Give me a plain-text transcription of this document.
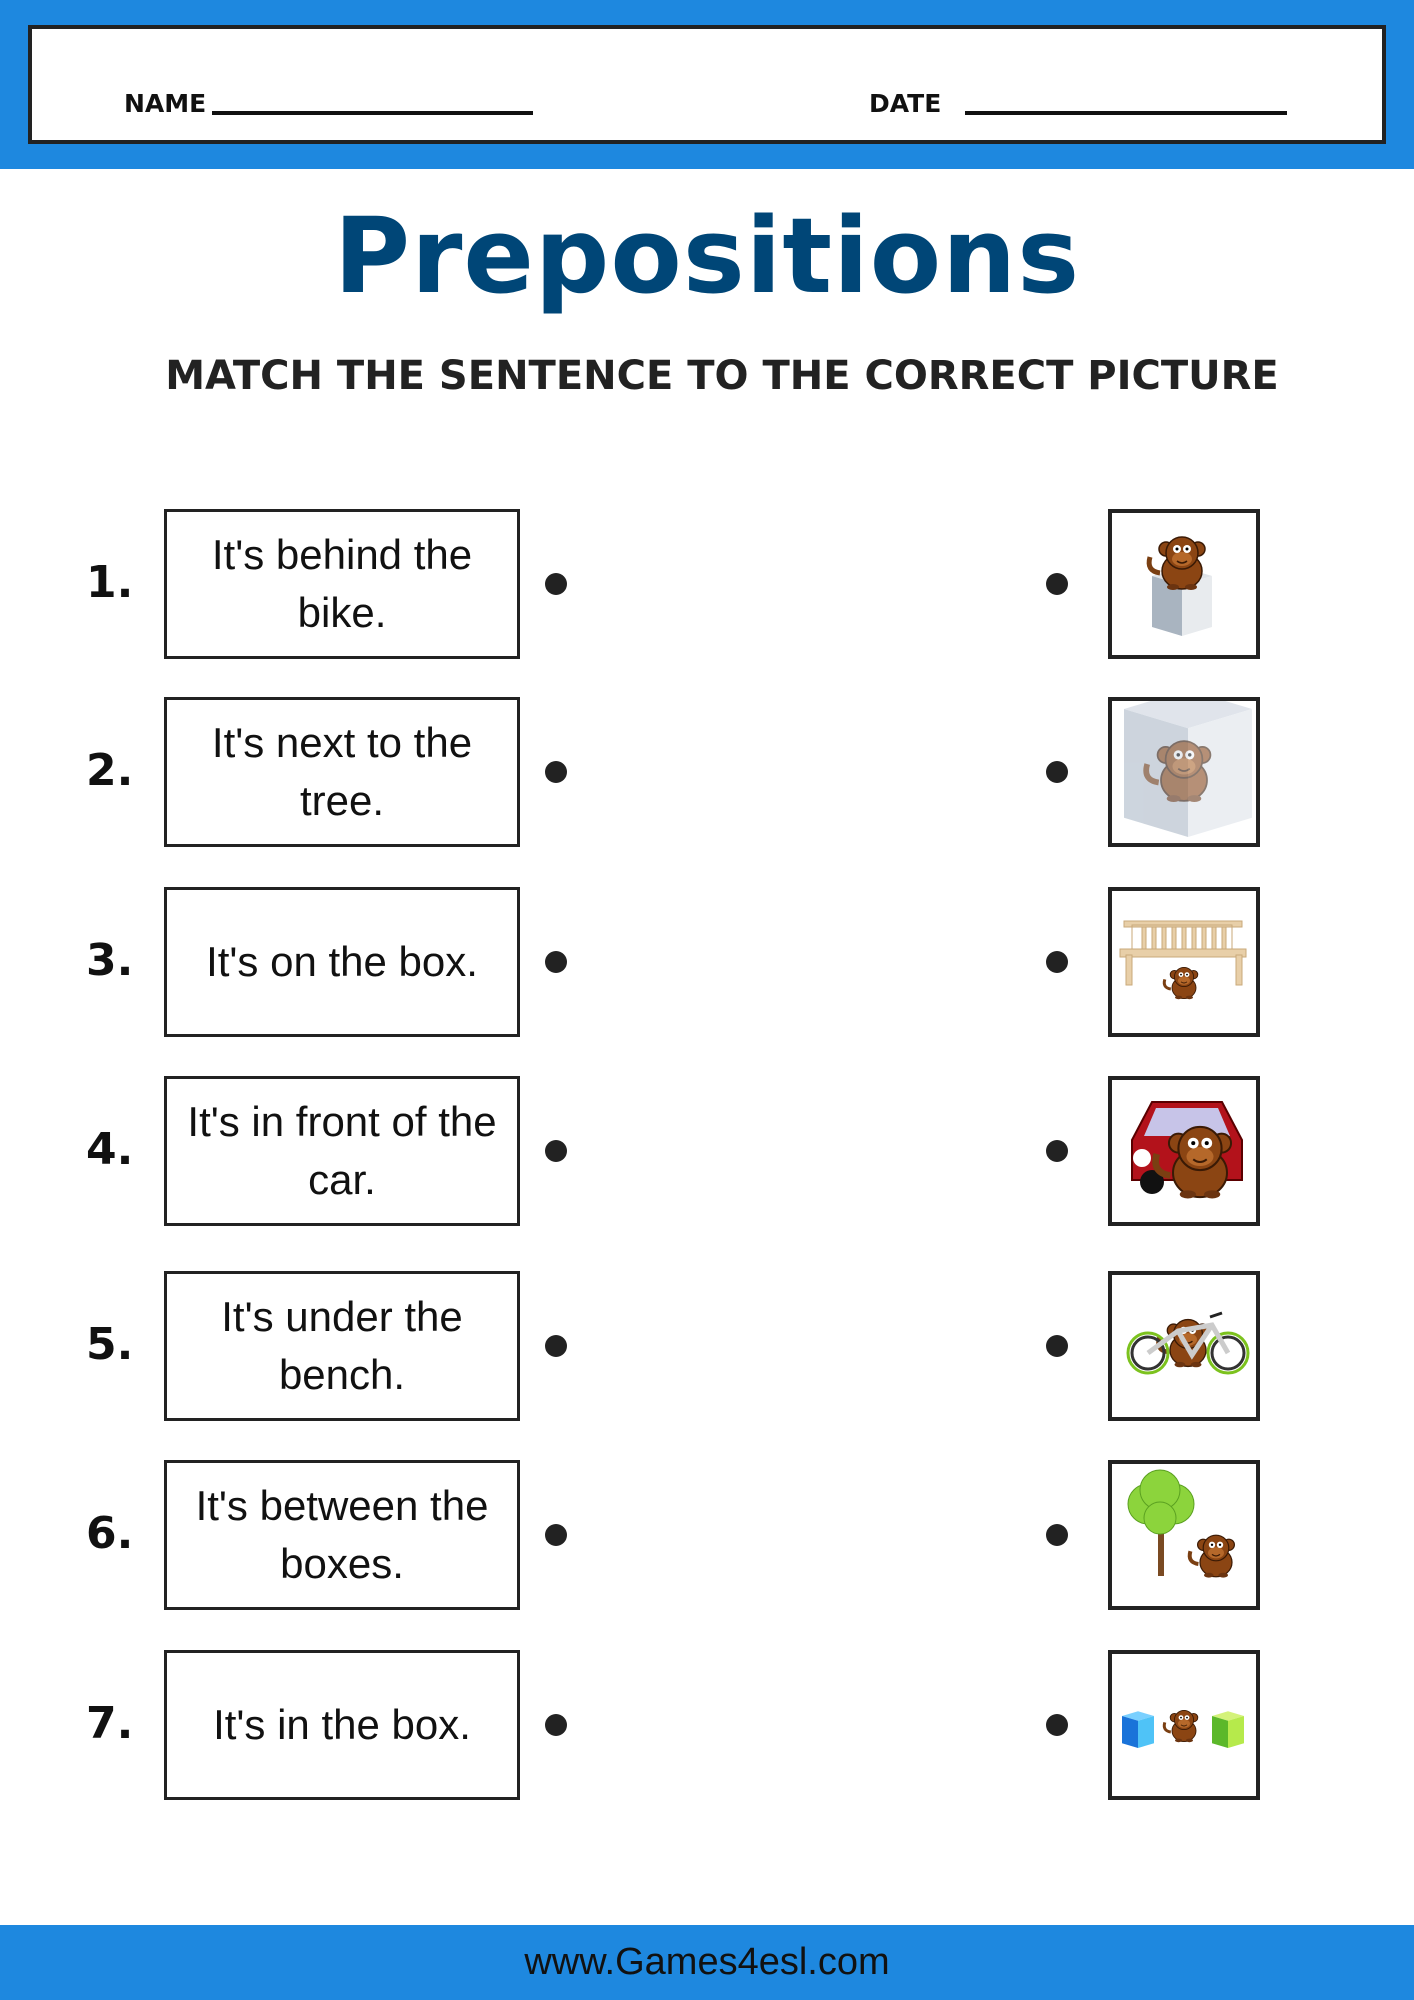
NAME	DATE
Prepositions
MATCH THE SENTENCE TO THE CORRECT PICTURE
1.
It's behind the bike.
2.
It's next to the tree.
3. It's on the box.
4.
It's in front of the car.
5.
It's under the bench.
6.
It's between the boxes.
7. It's in the box.
www.Games4esl.com
